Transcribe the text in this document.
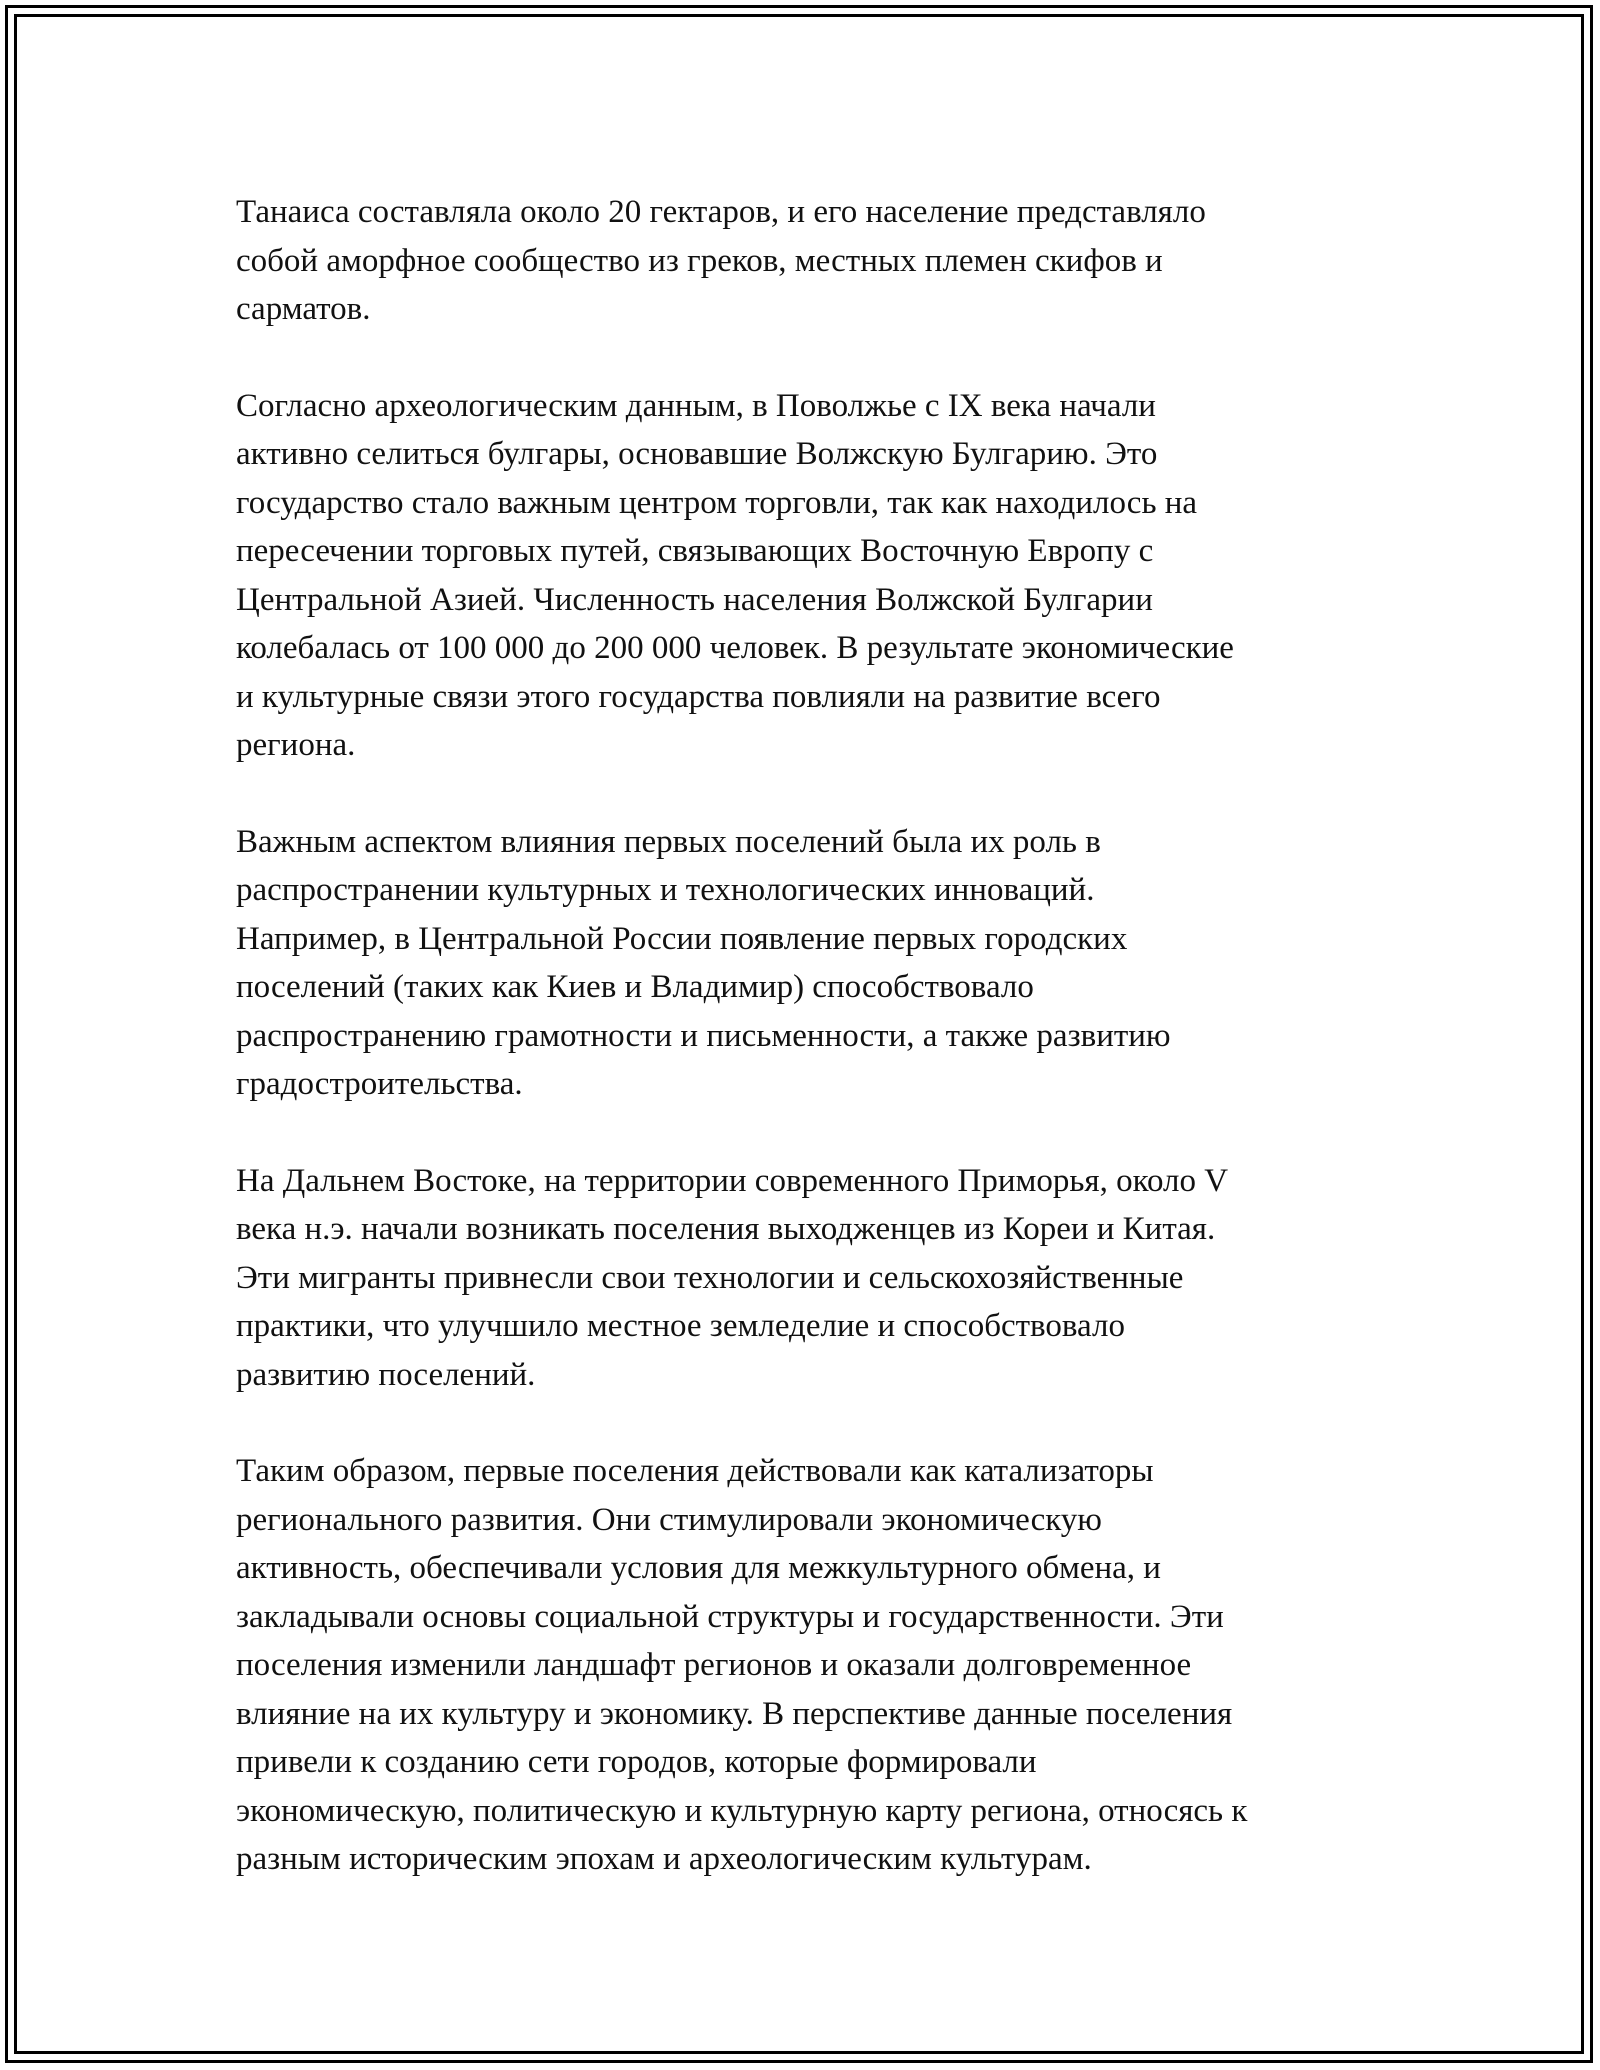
Танаиса составляла около 20 гектаров, и его население представляло
собой аморфное сообщество из греков, местных племен скифов и
сарматов.

Согласно археологическим данным, в Поволжье с IX века начали
активно селиться булгары, основавшие Волжскую Булгарию. Это
государство стало важным центром торговли, так как находилось на
пересечении торговых путей, связывающих Восточную Европу с
Центральной Азией. Численность населения Волжской Булгарии
колебалась от 100 000 до 200 000 человек. В результате экономические
и культурные связи этого государства повлияли на развитие всего
региона.

Важным аспектом влияния первых поселений была их роль в
распространении культурных и технологических инноваций.
Например, в Центральной России появление первых городских
поселений (таких как Киев и Владимир) способствовало
распространению грамотности и письменности, а также развитию
градостроительства.

На Дальнем Востоке, на территории современного Приморья, около V
века н.э. начали возникать поселения выходженцев из Кореи и Китая.
Эти мигранты привнесли свои технологии и сельскохозяйственные
практики, что улучшило местное земледелие и способствовало
развитию поселений.

Таким образом, первые поселения действовали как катализаторы
регионального развития. Они стимулировали экономическую
активность, обеспечивали условия для межкультурного обмена, и
закладывали основы социальной структуры и государственности. Эти
поселения изменили ландшафт регионов и оказали долговременное
влияние на их культуру и экономику. В перспективе данные поселения
привели к созданию сети городов, которые формировали
экономическую, политическую и культурную карту региона, относясь к
разным историческим эпохам и археологическим культурам.
